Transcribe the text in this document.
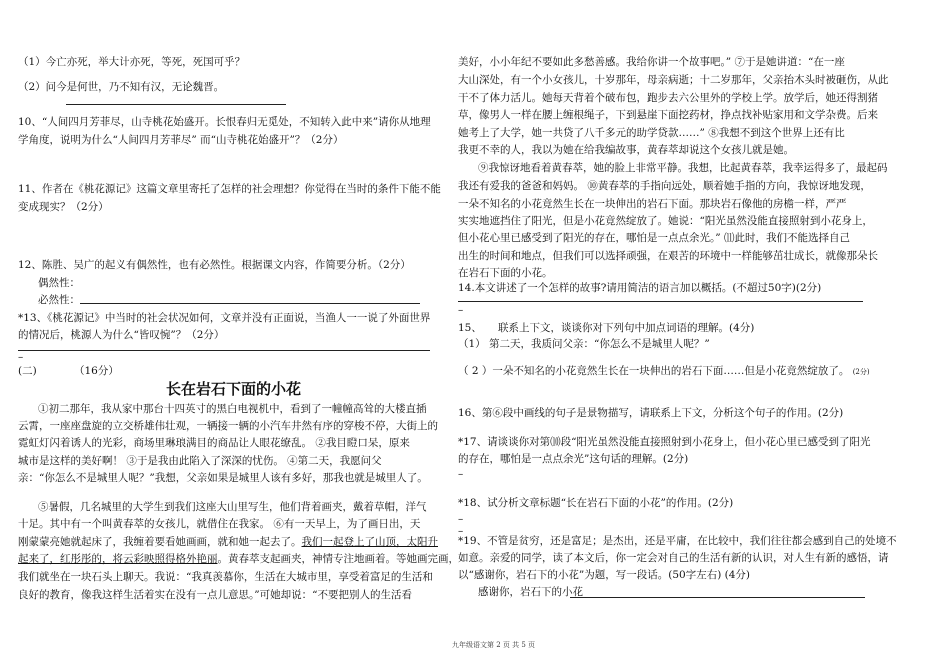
（1）今亡亦死，举大计亦死，等死，死国可乎？
（2）问今是何世，乃不知有汉，无论魏晋。
10、“人间四月芳菲尽，山寺桃花始盛开。长恨春归无觅处，不知转入此中来”请你从地理
学角度，说明为什么“人间四月芳菲尽” 而“山寺桃花始盛开”？（2分）
11、作者在《桃花源记》这篇文章里寄托了怎样的社会理想？你觉得在当时的条件下能不能
变成现实？（2分）
12、陈胜、吴广的起义有偶然性，也有必然性。根据课文内容，作简要分析。（2分）
偶然性：
必然性：
*13、《桃花源记》中当时的社会状况如何，文章并没有正面说，当渔人一一说了外面世界
的情况后，桃源人为什么“皆叹惋”？（2分）
–
(二)	（16分）
长在岩石下面的小花
①初二那年，我从家中那台十四英寸的黑白电视机中，看到了一幢幢高耸的大楼直插
云霄，一座座盘旋的立交桥雄伟壮观，一辆接一辆的小汽车井然有序的穿梭不停，大街上的
霓虹灯闪着诱人的光彩，商场里琳琅满目的商品让人眼花缭乱。 ②我目瞪口呆，原来
城市是这样的美好啊！ ③于是我由此陷入了深深的忧伤。 ④第二天，我愿问父
亲：“你怎么不是城里人呢？”我想，父亲如果是城里人该有多好，那我也就是城里人了。
⑤暑假，几名城里的大学生到我们这座大山里写生，他们背着画夹，戴着草帽，洋气
十足。其中有一个叫黄春萃的女孩儿，就借住在我家。 ⑥有一天早上，为了画日出，天
刚蒙蒙亮她就起床了，我缠着要看她画画，就和她一起去了。我们一起登上了山顶，太阳升
起来了，红彤彤的，将云彩映照得格外艳丽。黄春萃支起画夹，神情专注地画着。等她画完画，
我们就坐在一块石头上聊天。我说：“我真羡慕你，生活在大城市里，享受着富足的生活和
良好的教育，像我这样生活着实在没有一点儿意思。”可她却说：“不要把别人的生活看
美好，小小年纪不要如此多愁善感。我给你讲一个故事吧。” ⑦于是她讲道：“在一座
大山深处，有一个小女孩儿，十岁那年，母亲病逝；十二岁那年，父亲抬木头时被砸伤，从此
干不了体力活儿。她每天背着个破布包，跑步去六公里外的学校上学。放学后，她还得割猪
草，像男人一样在腰上缠根绳子，下到悬崖下面挖药材，挣点找补贴家用和文学杂费。后来
她考上了大学，她一共贷了八千多元的助学贷款……” ⑧我想不到这个世界上还有比
我更不幸的人，我以为她在给我编故事，黄春萃却说这个女孩儿就是她。
⑨我惊讶地看着黄春萃，她的脸上非常平静。我想，比起黄春萃，我幸运得多了，最起码
我还有爱我的爸爸和妈妈。 ⑩黄春萃的手指向远处，顺着她手指的方向，我惊讶地发现，
一朵不知名的小花竟然生长在一块伸出的岩石下面。那块岩石像他的房檐一样，严严
实实地遮挡住了阳光，但是小花竟然绽放了。她说：“阳光虽然没能直接照射到小花身上，
但小花心里已感受到了阳光的存在，哪怕是一点点余光。” ⑾此时，我们不能选择自己
出生的时间和地点，但我们可以选择顽强，在艰苦的环境中一样能够茁壮成长，就像那朵长
在岩石下面的小花。
14.本文讲述了一个怎样的故事?请用简洁的语言加以概括。(不超过50字)(2分)
–
15、 联系上下文，谈谈你对下列句中加点词语的理解。(4分)
（1） 第二天，我质问父亲：“你怎么不是城里人呢？”
（ 2 ）一朵不知名的小花竟然生长在一块伸出的岩石下面……但是小花竟然绽放了。 (2分)
16、第⑥段中画线的句子是景物描写，请联系上下文，分析这个句子的作用。(2分)
*17、请谈谈你对第⑽段“阳光虽然没能直接照射到小花身上，但小花心里已感受到了阳光
的存在，哪怕是一点点余光”这句话的理解。(2分)
–
*18、试分析文章标题“长在岩石下面的小花”的作用。(2分)
–
–
*19、不管是贫穷，还是富足；是杰出，还是平庸，在比较中，我们往往都会感到自己的处境不
如意。亲爱的同学，读了本文后，你一定会对自己的生活有新的认识，对人生有新的感悟，请
以“感谢你，岩石下的小花”为题，写一段话。(50字左右) (4分)
感谢你，岩石下的小花
九年级语文第 2 页 共 5 页
